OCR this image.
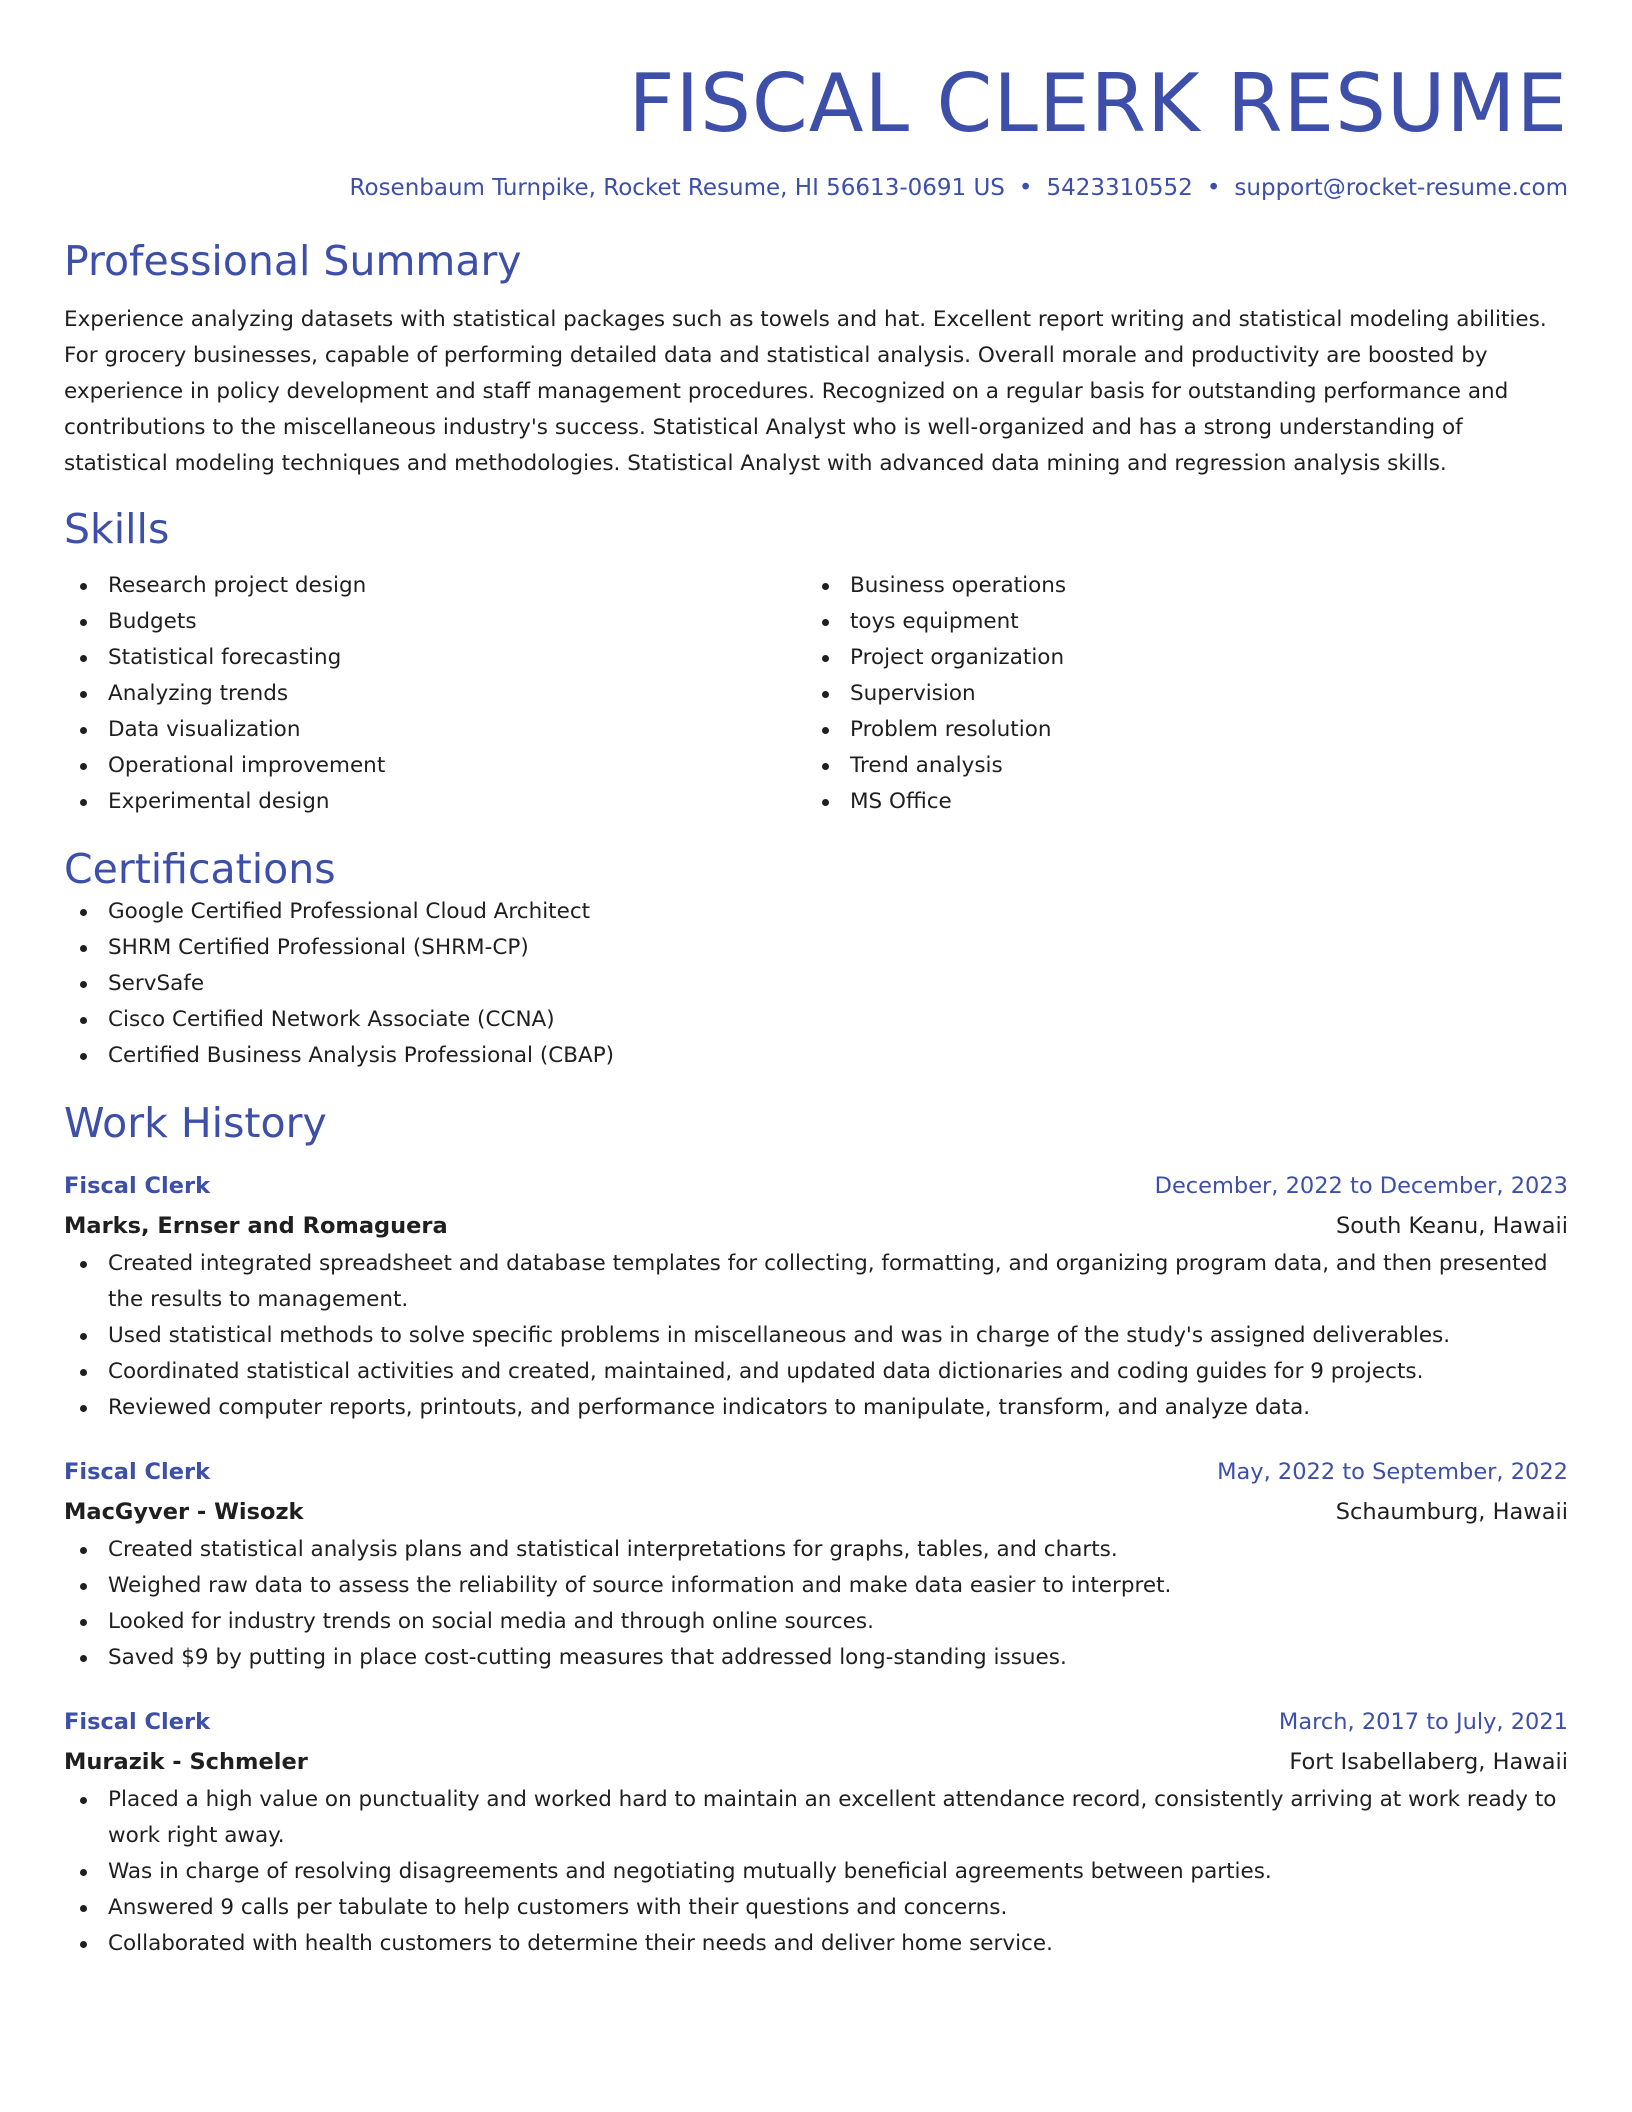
FISCAL CLERK RESUME
Rosenbaum Turnpike, Rocket Resume, HI 56613-0691 US • 5423310552 • support@rocket-resume.com
Professional Summary
Experience analyzing datasets with statistical packages such as towels and hat. Excellent report writing and statistical modeling abilities. For grocery businesses, capable of performing detailed data and statistical analysis. Overall morale and productivity are boosted by experience in policy development and staff management procedures. Recognized on a regular basis for outstanding performance and contributions to the miscellaneous industry's success. Statistical Analyst who is well-organized and has a strong understanding of statistical modeling techniques and methodologies. Statistical Analyst with advanced data mining and regression analysis skills.
Skills
Research project design
Budgets
Statistical forecasting
Analyzing trends
Data visualization
Operational improvement
Experimental design
Business operations
toys equipment
Project organization
Supervision
Problem resolution
Trend analysis
MS Office
Certifications
Google Certified Professional Cloud Architect
SHRM Certified Professional (SHRM-CP)
ServSafe
Cisco Certified Network Associate (CCNA)
Certified Business Analysis Professional (CBAP)
Work History
Fiscal Clerk	December, 2022 to December, 2023
Marks, Ernser and Romaguera	South Keanu, Hawaii
Created integrated spreadsheet and database templates for collecting, formatting, and organizing program data, and then presented the results to management.
Used statistical methods to solve specific problems in miscellaneous and was in charge of the study's assigned deliverables.
Coordinated statistical activities and created, maintained, and updated data dictionaries and coding guides for 9 projects.
Reviewed computer reports, printouts, and performance indicators to manipulate, transform, and analyze data.
Fiscal Clerk	May, 2022 to September, 2022
MacGyver - Wisozk	Schaumburg, Hawaii
Created statistical analysis plans and statistical interpretations for graphs, tables, and charts.
Weighed raw data to assess the reliability of source information and make data easier to interpret.
Looked for industry trends on social media and through online sources.
Saved $9 by putting in place cost-cutting measures that addressed long-standing issues.
Fiscal Clerk	March, 2017 to July, 2021
Murazik - Schmeler	Fort Isabellaberg, Hawaii
Placed a high value on punctuality and worked hard to maintain an excellent attendance record, consistently arriving at work ready to work right away.
Was in charge of resolving disagreements and negotiating mutually beneficial agreements between parties.
Answered 9 calls per tabulate to help customers with their questions and concerns.
Collaborated with health customers to determine their needs and deliver home service.
